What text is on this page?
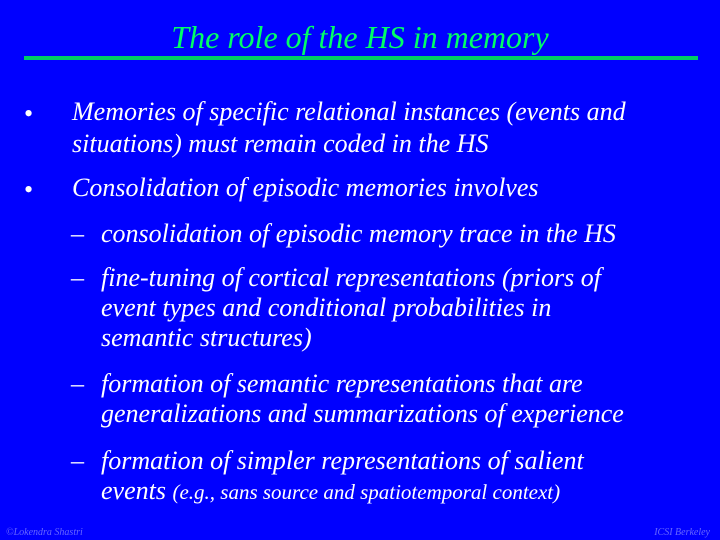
The role of the HS in memory
• Memories of specific relational instances (events and
situations) must remain coded in the HS
• Consolidation of episodic memories involves
– consolidation of episodic memory trace in the HS
– fine-tuning of cortical representations (priors of
event types and conditional probabilities in
semantic structures)
– formation of semantic representations that are
generalizations and summarizations of experience
– formation of simpler representations of salient
events (e.g., sans source and spatiotemporal context)
©Lokendra Shastri	ICSI Berkeley
